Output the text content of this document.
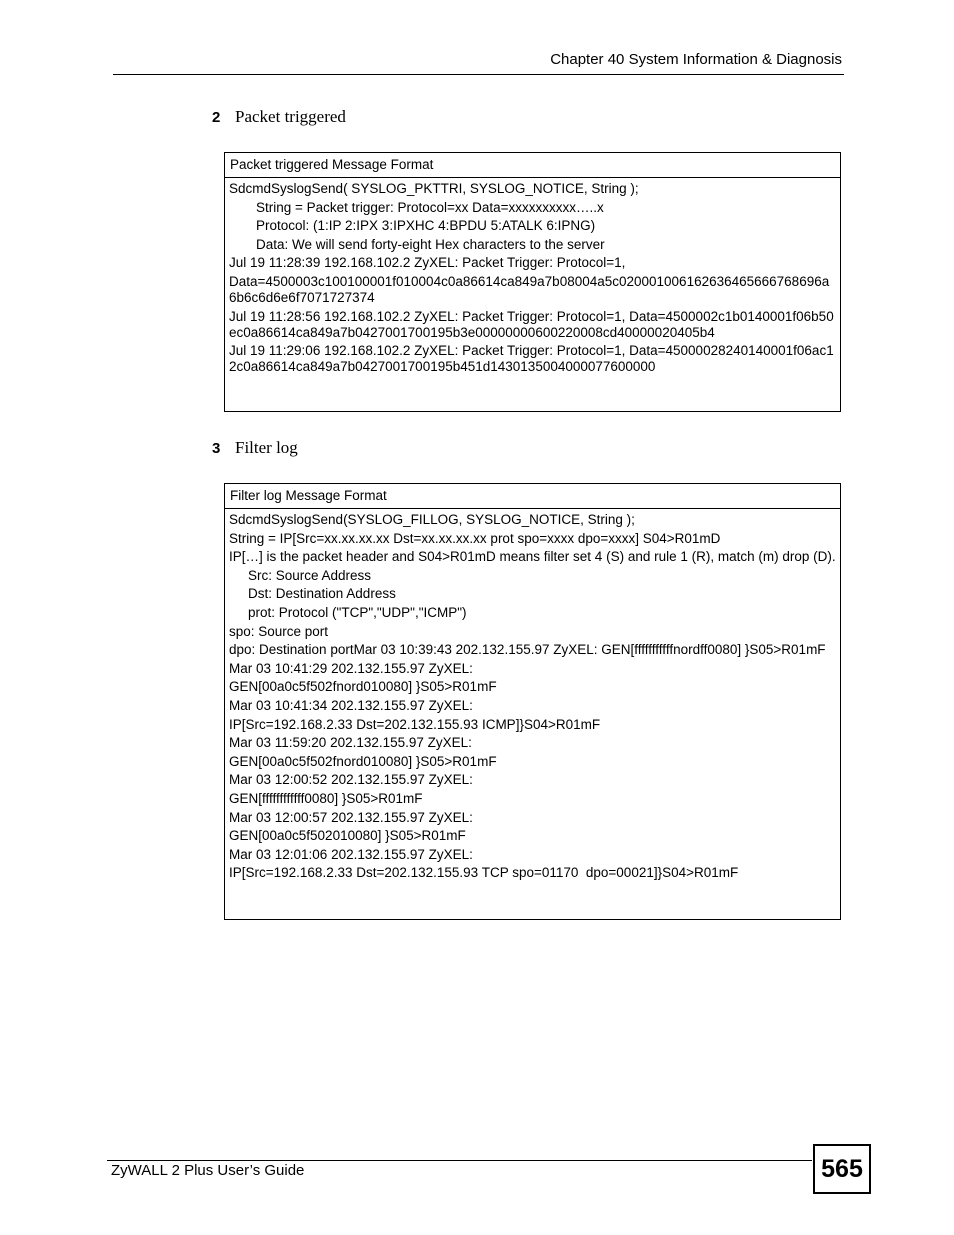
Chapter 40 System Information & Diagnosis
2 Packet triggered
Packet triggered Message Format
SdcmdSyslogSend( SYSLOG_PKTTRI, SYSLOG_NOTICE, String );
String = Packet trigger: Protocol=xx Data=xxxxxxxxxx…..x
Protocol: (1:IP 2:IPX 3:IPXHC 4:BPDU 5:ATALK 6:IPNG)
Data: We will send forty-eight Hex characters to the server
Jul 19 11:28:39 192.168.102.2 ZyXEL: Packet Trigger: Protocol=1,
Data=4500003c100100001f010004c0a86614ca849a7b08004a5c020001006162636465666768696a6b6c6d6e6f7071727374
Jul 19 11:28:56 192.168.102.2 ZyXEL: Packet Trigger: Protocol=1, Data=4500002c1b0140001f06b50ec0a86614ca849a7b0427001700195b3e00000000600220008cd40000020405b4
Jul 19 11:29:06 192.168.102.2 ZyXEL: Packet Trigger: Protocol=1, Data=45000028240140001f06ac12c0a86614ca849a7b0427001700195b451d1430135004000077600000
3 Filter log
Filter log Message Format
SdcmdSyslogSend(SYSLOG_FILLOG, SYSLOG_NOTICE, String );
String = IP[Src=xx.xx.xx.xx Dst=xx.xx.xx.xx prot spo=xxxx dpo=xxxx] S04>R01mD
IP[…] is the packet header and S04>R01mD means filter set 4 (S) and rule 1 (R), match (m) drop (D).
Src: Source Address
Dst: Destination Address
prot: Protocol ("TCP","UDP","ICMP")
spo: Source port
dpo: Destination portMar 03 10:39:43 202.132.155.97 ZyXEL: GEN[fffffffffffnordff0080] }S05>R01mF
Mar 03 10:41:29 202.132.155.97 ZyXEL:
GEN[00a0c5f502fnord010080] }S05>R01mF
Mar 03 10:41:34 202.132.155.97 ZyXEL:
IP[Src=192.168.2.33 Dst=202.132.155.93 ICMP]}S04>R01mF
Mar 03 11:59:20 202.132.155.97 ZyXEL:
GEN[00a0c5f502fnord010080] }S05>R01mF
Mar 03 12:00:52 202.132.155.97 ZyXEL:
GEN[ffffffffffff0080] }S05>R01mF
Mar 03 12:00:57 202.132.155.97 ZyXEL:
GEN[00a0c5f502010080] }S05>R01mF
Mar 03 12:01:06 202.132.155.97 ZyXEL:
IP[Src=192.168.2.33 Dst=202.132.155.93 TCP spo=01170  dpo=00021]}S04>R01mF
ZyWALL 2 Plus User’s Guide	565
